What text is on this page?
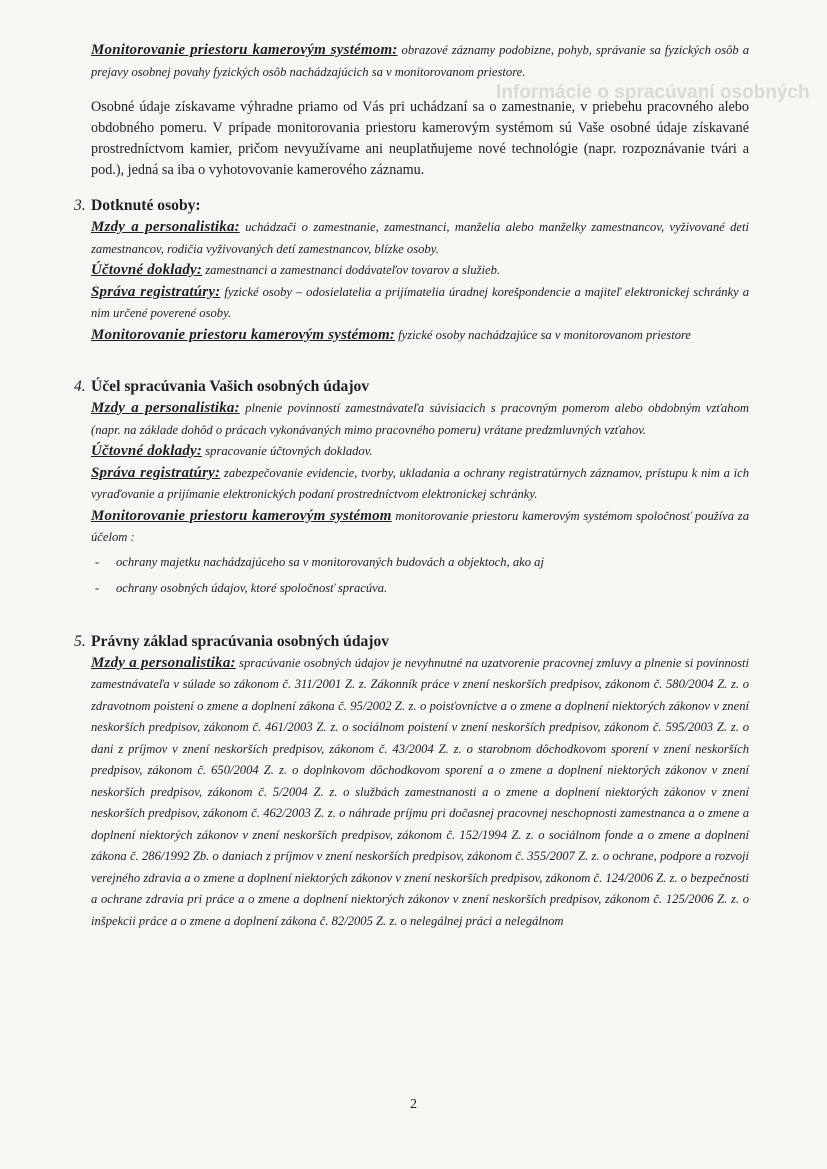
Informácie o spracúvaní osobných

Monitorovanie priestoru kamerovým systémom: obrazové záznamy podobizne, pohyb, správanie sa fyzických osôb a prejavy osobnej povahy fyzických osôb nachádzajúcich sa v monitorovanom priestore.

Osobné údaje získavame výhradne priamo od Vás pri uchádzaní sa o zamestnanie, v priebehu pracovného alebo obdobného pomeru. V prípade monitorovania priestoru kamerovým systémom sú Vaše osobné údaje získavané prostredníctvom kamier, pričom nevyužívame ani neuplatňujeme nové technológie (napr. rozpoznávanie tvári a pod.), jedná sa iba o vyhotovovanie kamerového záznamu.

3. Dotknuté osoby:

Mzdy a personalistika: uchádzači o zamestnanie, zamestnanci, manželia alebo manželky zamestnancov, vyživované deti zamestnancov, rodičia vyživovaných detí zamestnancov, blízke osoby.

Účtovné doklady: zamestnanci a zamestnanci dodávateľov tovarov a služieb.

Správa registratúry: fyzické osoby – odosielatelia a prijímatelia úradnej korešpondencie a majiteľ elektronickej schránky a nim určené poverené osoby.

Monitorovanie priestoru kamerovým systémom: fyzické osoby nachádzajúce sa v monitorovanom priestore

4. Účel spracúvania Vašich osobných údajov

Mzdy a personalistika: plnenie povinností zamestnávateľa súvisiacich s pracovným pomerom alebo obdobným vzťahom (napr. na základe dohôd o prácach vykonávaných mimo pracovného pomeru) vrátane predzmluvných vzťahov.

Účtovné doklady: spracovanie účtovných dokladov.

Správa registratúry: zabezpečovanie evidencie, tvorby, ukladania a ochrany registratúrnych záznamov, prístupu k nim a ich vyraďovanie a prijímanie elektronických podaní prostredníctvom elektronickej schránky.

Monitorovanie priestoru kamerovým systémom monitorovanie priestoru kamerovým systémom spoločnosť používa za účelom :

- ochrany majetku nachádzajúceho sa v monitorovaných budovách a objektoch, ako aj
- ochrany osobných údajov, ktoré spoločnosť spracúva.
5. Právny základ spracúvania osobných údajov

Mzdy a personalistika: spracúvanie osobných údajov je nevyhnutné na uzatvorenie pracovnej zmluvy a plnenie si povinnosti zamestnávateľa v súlade so zákonom č. 311/2001 Z. z. Zákonník práce v znení neskorších predpisov, zákonom č. 580/2004 Z. z. o zdravotnom poistení o zmene a doplnení zákona č. 95/2002 Z. z. o poisťovníctve a o zmene a doplnení niektorých zákonov v znení neskorších predpisov, zákonom č. 461/2003 Z. z. o sociálnom poistení v znení neskorších predpisov, zákonom č. 595/2003 Z. z. o dani z príjmov v znení neskorších predpisov, zákonom č. 43/2004 Z. z. o starobnom dôchodkovom sporení v znení neskorších predpisov, zákonom č. 650/2004 Z. z. o doplnkovom dôchodkovom sporení a o zmene a doplnení niektorých zákonov v znení neskorších predpisov, zákonom č. 5/2004 Z. z. o službách zamestnanosti a o zmene a doplnení niektorých zákonov v znení neskorších predpisov, zákonom č. 462/2003 Z. z. o náhrade príjmu pri dočasnej pracovnej neschopnosti zamestnanca a o zmene a doplnení niektorých zákonov v znení neskorších predpisov, zákonom č. 152/1994 Z. z. o sociálnom fonde a o zmene a doplnení zákona č. 286/1992 Zb. o daniach z príjmov v znení neskorších predpisov, zákonom č. 355/2007 Z. z. o ochrane, podpore a rozvoji verejného zdravia a o zmene a doplnení niektorých zákonov v znení neskorších predpisov, zákonom č. 124/2006 Z. z. o bezpečnosti a ochrane zdravia pri práce a o zmene a doplnení niektorých zákonov v znení neskorších predpisov, zákonom č. 125/2006 Z. z. o inšpekcii práce a o zmene a doplnení zákona č. 82/2005 Z. z. o nelegálnej práci a nelegálnom

2
